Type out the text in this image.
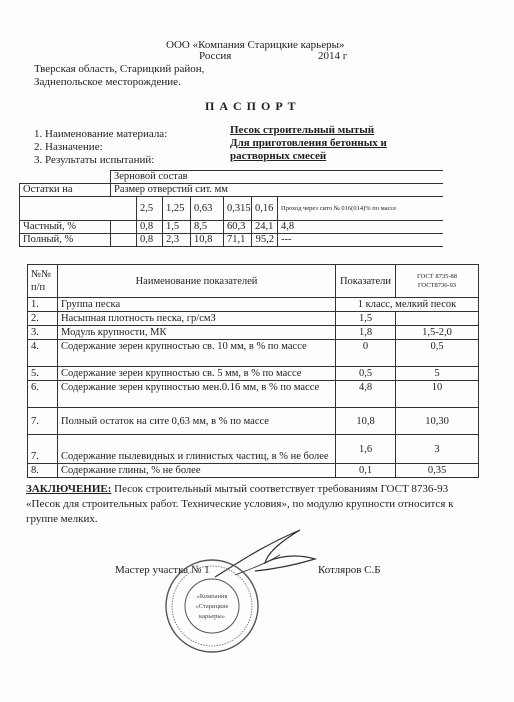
ООО «Компания Старицкие карьеры»
Россия	2014 г
Тверская область, Старицкий район,
Заднепольское месторождение.
П А С П О Р Т
1. Наименование материала:
2. Назначение:
3. Результаты испытаний:
Песок строительный мытый
Для приготовления бетонных и
растворных смесей
	Зерновой состав						
Остатки на	Размер отверстий сит. мм						
		2,5	1,25	0,63	0,315	0,16	Проход через сито № 016(014)% по массе
Частный, %		0,8	1,5	8,5	60,3	24,1	4,8
Полный, %		0,8	2,3	10,8	71,1	95,2	---
№№
п/п	Наименование показателей	Показатели	ГОСТ 8735-88
ГОСТ8736-93
1.	Группа песка	1 класс, мелкий песок	
2.	Насыпная плотность песка, гр/смЗ	1,5	
3.	Модуль крупности, МК	1,8	1,5-2,0
4.	Содержание зерен крупностью св. 10 мм, в % по массе	0	0,5
5.	Содержание зерен крупностью св. 5 мм, в % по массе	0,5	5
6.	Содержание зерен крупностью мен.0.16 мм, в % по массе	4,8	10
7.	Полный остаток на сите 0,63 мм, в % по массе	10,8	10,30
7.	Содержание пылевидных и глинистых частиц, в % не более	1,6	3
8.	Содержание глины, % не более	0,1	0,35
ЗАКЛЮЧЕНИЕ: Песок строительный мытый соответствует требованиям ГОСТ 8736-93 «Песок для строительных работ. Технические условия», по модулю крупности относится к группе мелких.
Мастер участка № 1	Котляров С.Б
«Компания
«Старицкие
карьеры»
